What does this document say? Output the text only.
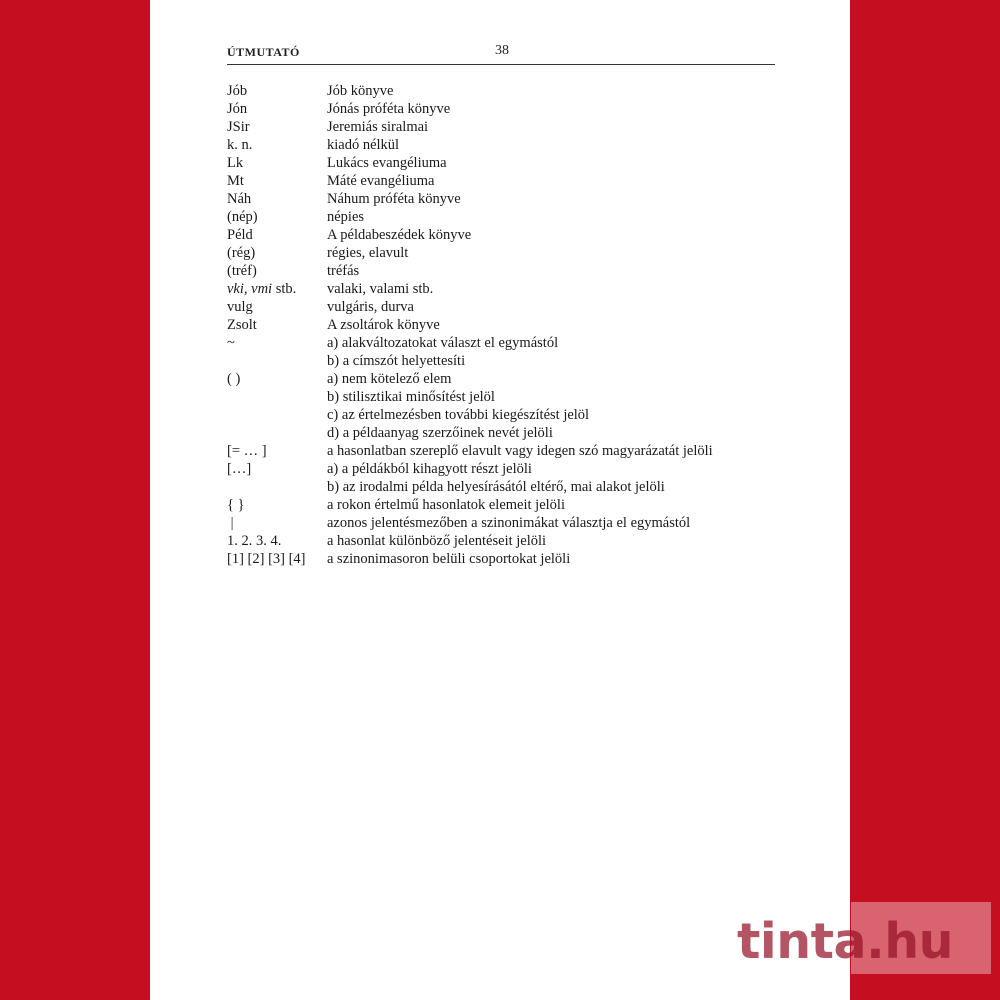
ÚTMUTATÓ	38
Jób	Jób könyve
Jón	Jónás próféta könyve
JSir	Jeremiás siralmai
k. n.	kiadó nélkül
Lk	Lukács evangéliuma
Mt	Máté evangéliuma
Náh	Náhum próféta könyve
(nép)	népies
Péld	A példabeszédek könyve
(rég)	régies, elavult
(tréf)	tréfás
vki, vmi stb.	valaki, valami stb.
vulg	vulgáris, durva
Zsolt	A zsoltárok könyve
~	a) alakváltozatokat választ el egymástól
b) a címszót helyettesíti
( )	a) nem kötelező elem
b) stilisztikai minősítést jelöl
c) az értelmezésben további kiegészítést jelöl
d) a példaanyag szerzőinek nevét jelöli
[= … ]	a hasonlatban szereplő elavult vagy idegen szó magyarázatát jelöli
[…]	a) a példákból kihagyott részt jelöli
b) az irodalmi példa helyesírásától eltérő, mai alakot jelöli
{ }	a rokon értelmű hasonlatok elemeit jelöli
|	azonos jelentésmezőben a szinonimákat választja el egymástól
1. 2. 3. 4.	a hasonlat különböző jelentéseit jelöli
[1] [2] [3] [4]	a szinonimasoron belüli csoportokat jelöli
tinta.hu
